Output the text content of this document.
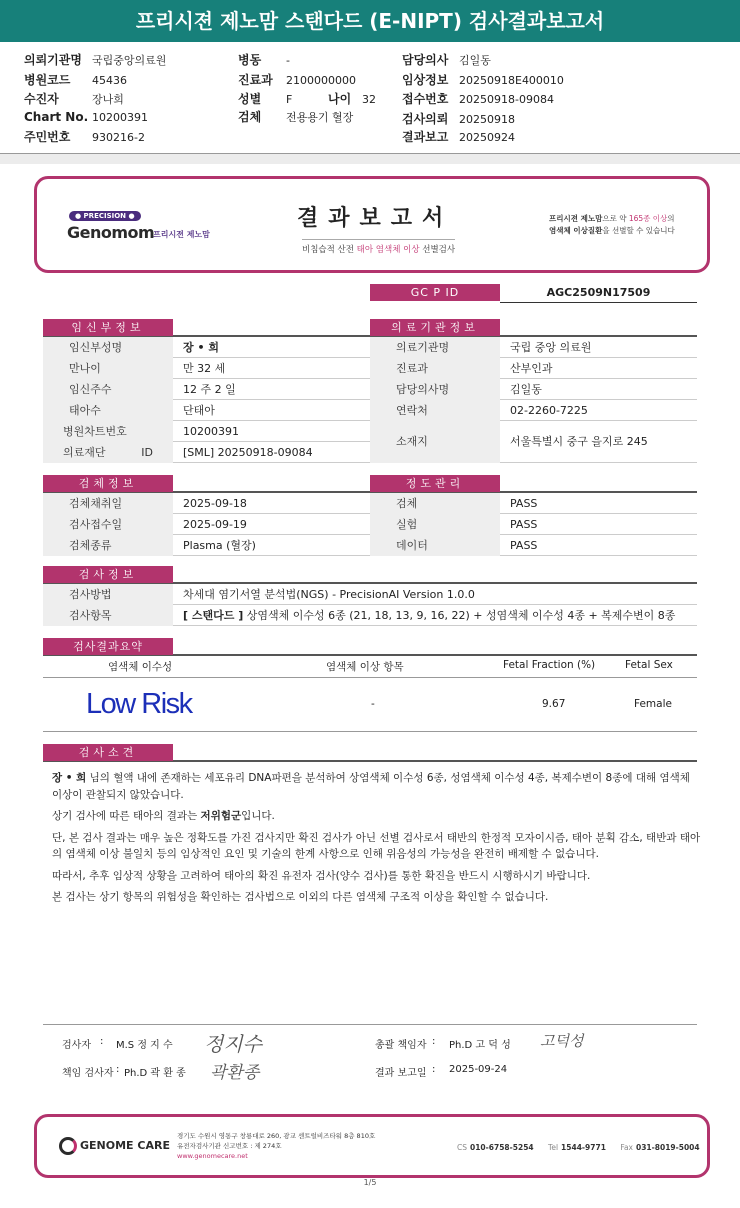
프리시젼 제노맘 스탠다드 (E-NIPT) 검사결과보고서
의뢰기관명 국립중앙의료원
병원코드 45436
수진자	장나희
Chart No. 10200391
주민번호 930216-2
병동 -
진료과 2100000000
성별 F	나이 32
검체 전용용기 혈장
담당의사 김일동
임상정보 20250918E400010
접수번호 20250918-09084
검사의뢰 20250918
결과보고 20250924
● PRECISION ●
Genomom
프리시젼 제노맘
결과보고서
비침습적 산전 태아 염색체 이상 선별검사
프리시젼 제노맘으로 약 165종 이상의
염색체 이상질환을 선별할 수 있습니다
GC P ID	AGC2509N17509
임신부정보	의료기관정보
임신부성명	장 • 희
만나이	만 32 세
임신주수	12 주 2 일
태아수	단태아
병원차트번호	10200391
의료재단 ID	[SML] 20250918-09084
의료기관명	국립 중앙 의료원
진료과	산부인과
담당의사명	김일동
연락처	02-2260-7225
소재지	서울특별시 중구 을지로 245
검체정보	정도관리
검체채취일	2025-09-18
검사접수일	2025-09-19
검체종류	Plasma (혈장)
검체	PASS
실험	PASS
데이터	PASS
검사정보
검사방법	차세대 염기서열 분석법(NGS) - PrecisionAI Version 1.0.0
검사항목	[ 스탠다드 ] 상염색체 이수성 6종 (21, 18, 13, 9, 16, 22) + 성염색체 이수성 4종 + 복제수변이 8종
검사결과요약
염색체 이수성	염색체 이상 항목	Fetal Fraction (%)	Fetal Sex
Low Risk	-	9.67	Female
검사소견

장 • 희 님의 혈액 내에 존재하는 세포유리 DNA파편을 분석하여 상염색체 이수성 6종, 성염색체 이수성 4종, 복제수변이 8종에 대해 염색체 이상이 관찰되지 않았습니다.

상기 검사에 따른 태아의 결과는 저위험군입니다.

단, 본 검사 결과는 매우 높은 정확도를 가진 검사지만 확진 검사가 아닌 선별 검사로서 태반의 한정적 모자이시즘, 태아 분획 감소, 태반과 태아의 염색체 이상 불일치 등의 임상적인 요인 및 기술의 한계 사항으로 인해 위음성의 가능성을 완전히 배제할 수 없습니다.

따라서, 추후 임상적 상황을 고려하여 태아의 확진 유전자 검사(양수 검사)를 통한 확진을 반드시 시행하시기 바랍니다.

본 검사는 상기 항목의 위험성을 확인하는 검사법으로 이외의 다른 염색체 구조적 이상을 확인할 수 없습니다.

검사자 : M.S 정 지 수 정지수
책임 검사자 : Ph.D 곽 환 종 곽환종
총괄 책임자 : Ph.D 고 덕 성 고덕성
결과 보고일 : 2025-09-24
GENOME CARE
경기도 수원시 영통구 창룡대로 260, 광교 센트럴비즈타워 8층 810호
유전자검사기관 신고번호 : 제 274호
www.genomecare.net
CS 010-6758-5254 Tel 1544-9771 Fax 031-8019-5004
1/5
